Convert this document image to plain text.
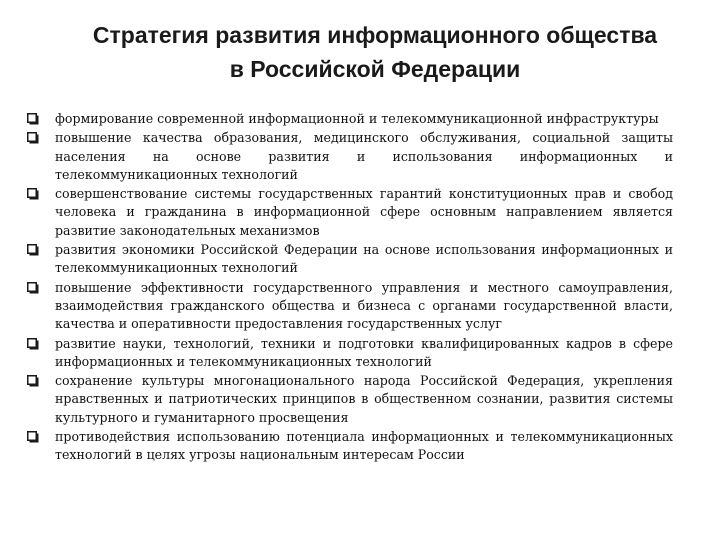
Стратегия развития информационного общества
в Российской Федерации
формирование современной информационной и телекоммуникационной инфраструктуры
повышение качества образования, медицинского обслуживания, социальной защиты населения на основе развития и использования информационных и телекоммуникационных технологий
совершенствование системы государственных гарантий конституционных прав и свобод человека и гражданина в информационной сфере основным направлением является развитие законодательных механизмов
развития экономики Российской Федерации на основе использования информационных и телекоммуникационных технологий
повышение эффективности государственного управления и местного самоуправления, взаимодействия гражданского общества и бизнеса с органами государственной власти, качества и оперативности предоставления государственных услуг
развитие науки, технологий, техники и подготовки квалифицированных кадров в сфере информационных и телекоммуникационных технологий
сохранение культуры многонационального народа Российской Федерация, укрепления нравственных и патриотических принципов в общественном сознании, развития системы культурного и гуманитарного просвещения
противодействия использованию потенциала информационных и телекоммуникационных технологий в целях угрозы национальным интересам России
